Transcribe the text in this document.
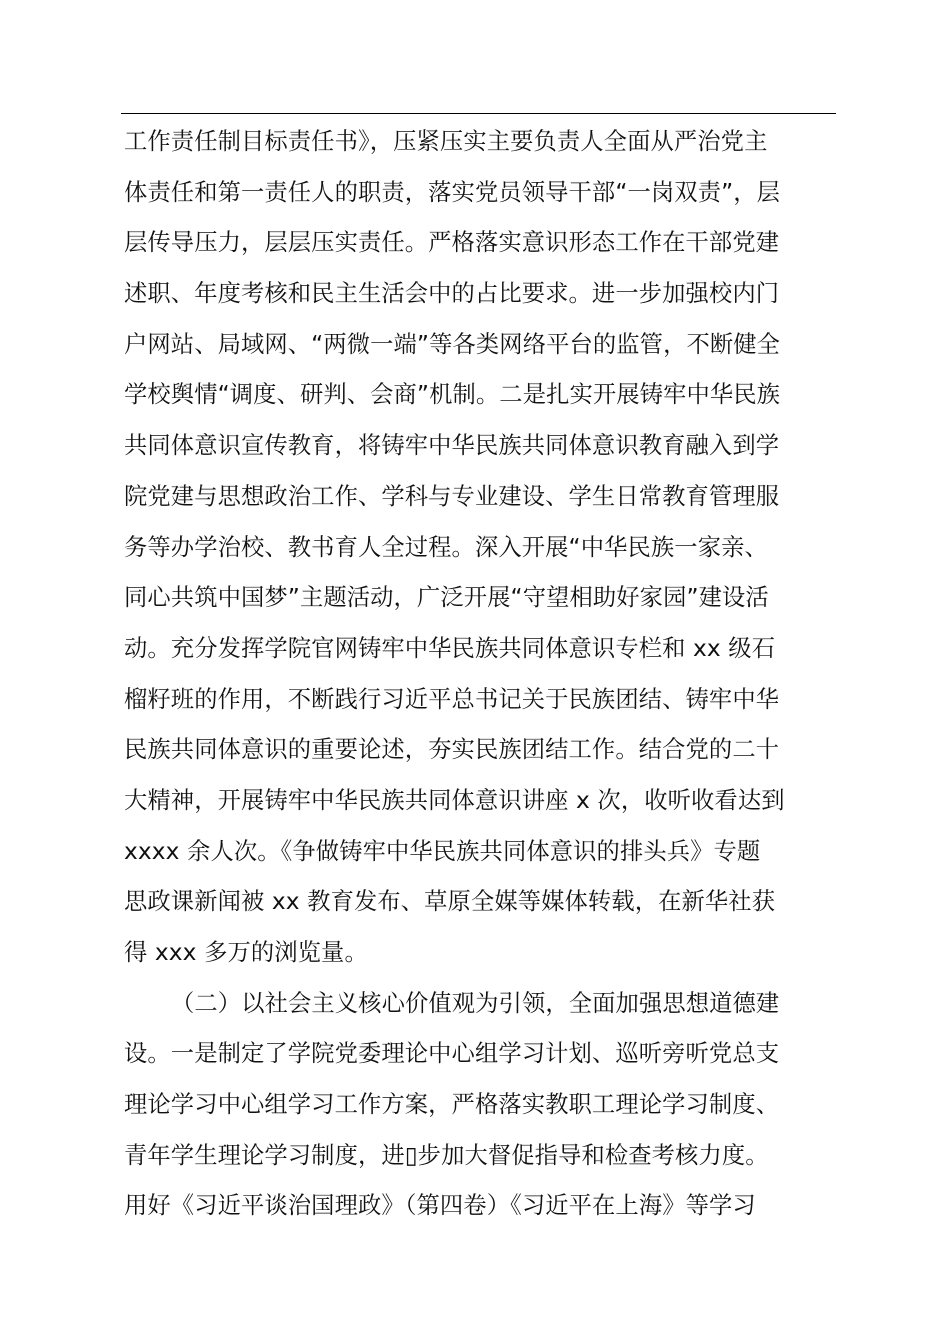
工作责任制目标责任书》，压紧压实主要负责人全面从严治党主
体责任和第一责任人的职责，落实党员领导干部“一岗双责”，层
层传导压力，层层压实责任。严格落实意识形态工作在干部党建
述职、年度考核和民主生活会中的占比要求。进一步加强校内门
户网站、局域网、“两微一端”等各类网络平台的监管，不断健全
学校舆情“调度、研判、会商”机制。二是扎实开展铸牢中华民族
共同体意识宣传教育，将铸牢中华民族共同体意识教育融入到学
院党建与思想政治工作、学科与专业建设、学生日常教育管理服
务等办学治校、教书育人全过程。深入开展“中华民族一家亲、
同心共筑中国梦”主题活动，广泛开展“守望相助好家园”建设活
动。充分发挥学院官网铸牢中华民族共同体意识专栏和 xx 级石
榴籽班的作用，不断践行习近平总书记关于民族团结、铸牢中华
民族共同体意识的重要论述，夯实民族团结工作。结合党的二十
大精神，开展铸牢中华民族共同体意识讲座 x 次，收听收看达到
xxxx 余人次。《争做铸牢中华民族共同体意识的排头兵》专题
思政课新闻被 xx 教育发布、草原全媒等媒体转载，在新华社获
得 xxx 多万的浏览量。
（二）以社会主义核心价值观为引领，全面加强思想道德建
设。一是制定了学院党委理论中心组学习计划、巡听旁听党总支
理论学习中心组学习工作方案，严格落实教职工理论学习制度、
青年学生理论学习制度，进▯步加大督促指导和检查考核力度。
用好《习近平谈治国理政》（第四卷）《习近平在上海》等学习
